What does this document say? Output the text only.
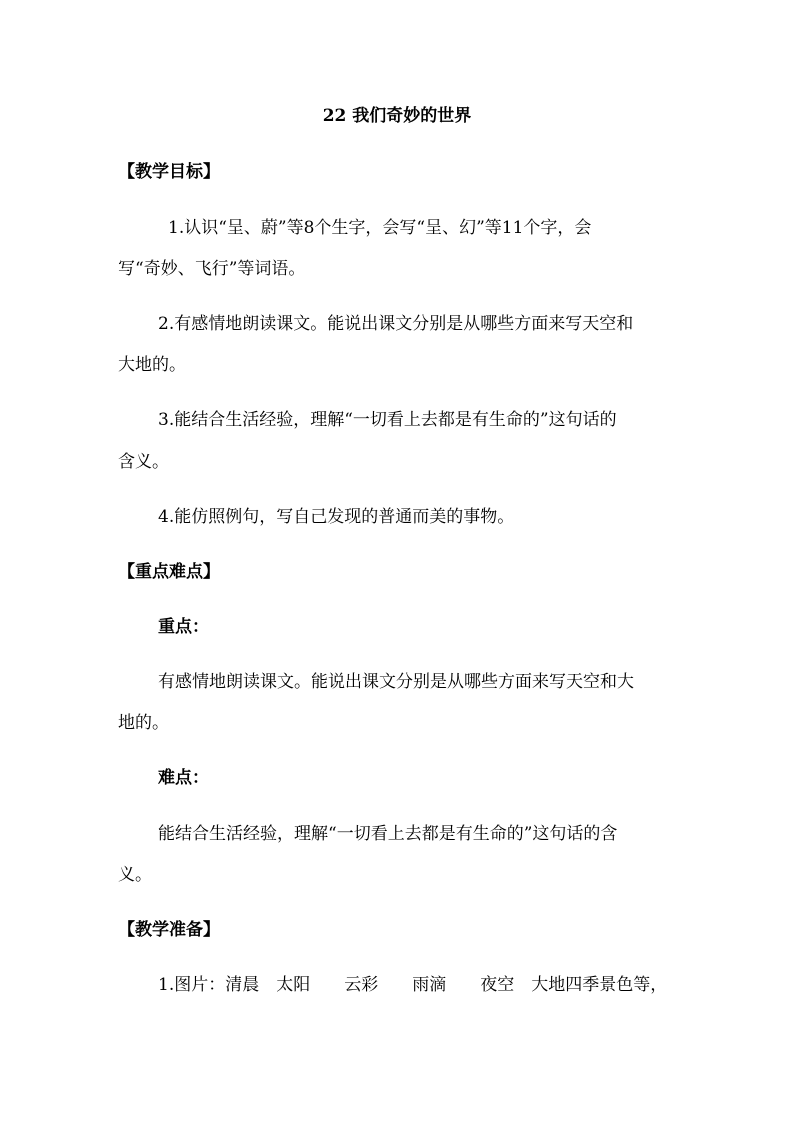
22 我们奇妙的世界
【教学目标】
1.认识“呈、蔚”等8个生字，会写“呈、幻”等11个字，会
写“奇妙、飞行”等词语。
2.有感情地朗读课文。能说出课文分别是从哪些方面来写天空和
大地的。
3.能结合生活经验，理解“一切看上去都是有生命的”这句话的
含义。
4.能仿照例句，写自己发现的普通而美的事物。
【重点难点】
重点：
有感情地朗读课文。能说出课文分别是从哪些方面来写天空和大
地的。
难点：
能结合生活经验，理解“一切看上去都是有生命的”这句话的含
义。
【教学准备】
1.图片：清晨　太阳　　云彩　　雨滴　　夜空　大地四季景色等，
